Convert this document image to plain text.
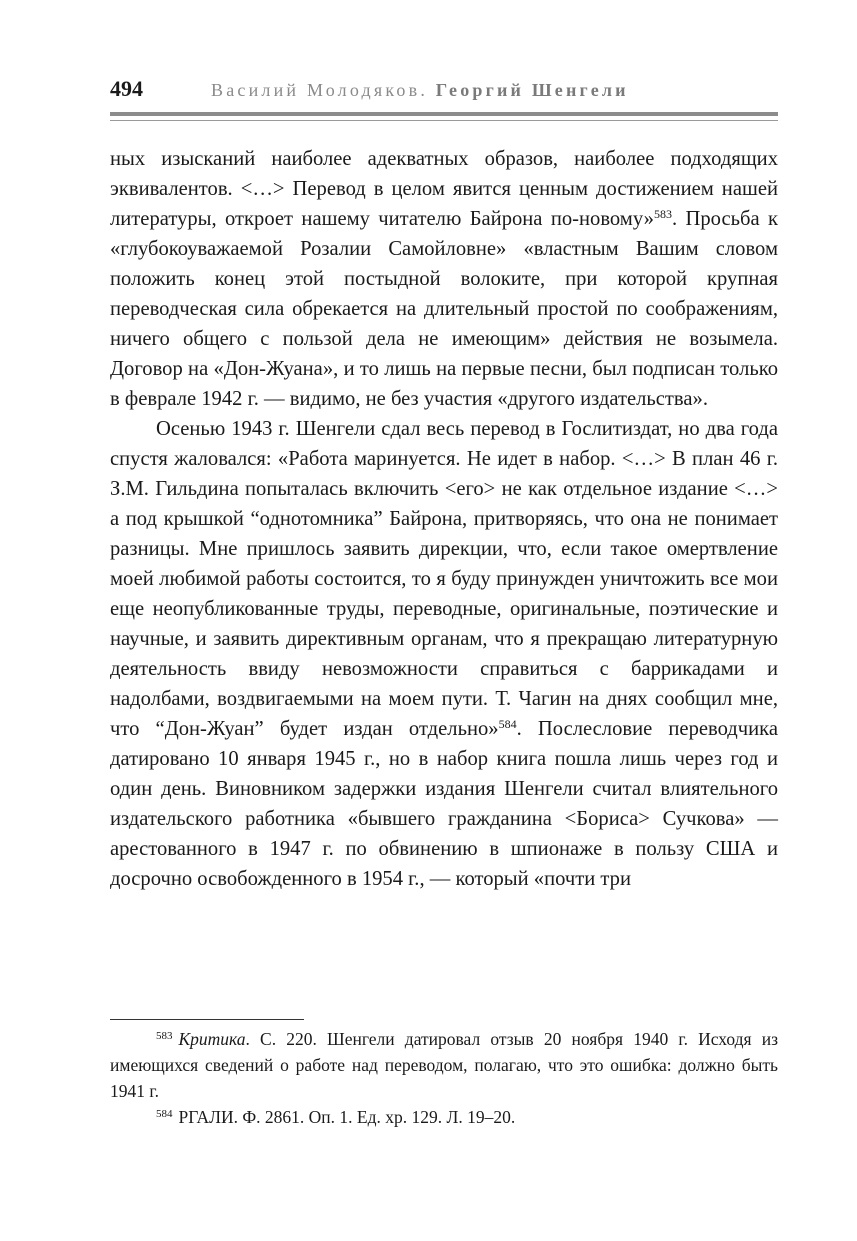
494	Василий Молодяков. Георгий Шенгели

ных изысканий наиболее адекватных образов, наиболее подходящих эквивалентов. <…> Перевод в целом явится ценным достижением нашей литературы, откроет нашему читателю Байрона по-новому»$^{583}$. Просьба к «глубокоуважаемой Розалии Самойловне» «властным Вашим словом положить конец этой постыдной волоките, при которой крупная переводческая сила обрекается на длительный простой по соображениям, ничего общего с пользой дела не имеющим» действия не возымела. Договор на «Дон-Жуана», и то лишь на первые песни, был подписан только в феврале 1942 г. — видимо, не без участия «другого издательства».

Осенью 1943 г. Шенгели сдал весь перевод в Гослитиздат, но два года спустя жаловался: «Работа маринуется. Не идет в набор. <…> В план 46 г. З.М. Гильдина попыталась включить <его> не как отдельное издание <…> а под крышкой “однотомника” Байрона, притворяясь, что она не понимает разницы. Мне пришлось заявить дирекции, что, если такое омертвление моей любимой работы состоится, то я буду принужден уничтожить все мои еще неопубликованные труды, переводные, оригинальные, поэтические и научные, и заявить директивным органам, что я прекращаю литературную деятельность ввиду невозможности справиться с баррикадами и надолбами, воздвигаемыми на моем пути. Т. Чагин на днях сообщил мне, что “Дон-Жуан” будет издан отдельно»$^{584}$. Послесловие переводчика датировано 10 января 1945 г., но в набор книга пошла лишь через год и один день. Виновником задержки издания Шенгели считал влиятельного издательского работника «бывшего гражданина <Бориса> Сучкова» — арестованного в 1947 г. по обвинению в шпионаже в пользу США и досрочно освобожденного в 1954 г., — который «почти три

$^{583}$ Критика. С. 220. Шенгели датировал отзыв 20 ноября 1940 г. Исходя из имеющихся сведений о работе над переводом, полагаю, что это ошибка: должно быть 1941 г.

$^{584}$ РГАЛИ. Ф. 2861. Оп. 1. Ед. хр. 129. Л. 19–20.
